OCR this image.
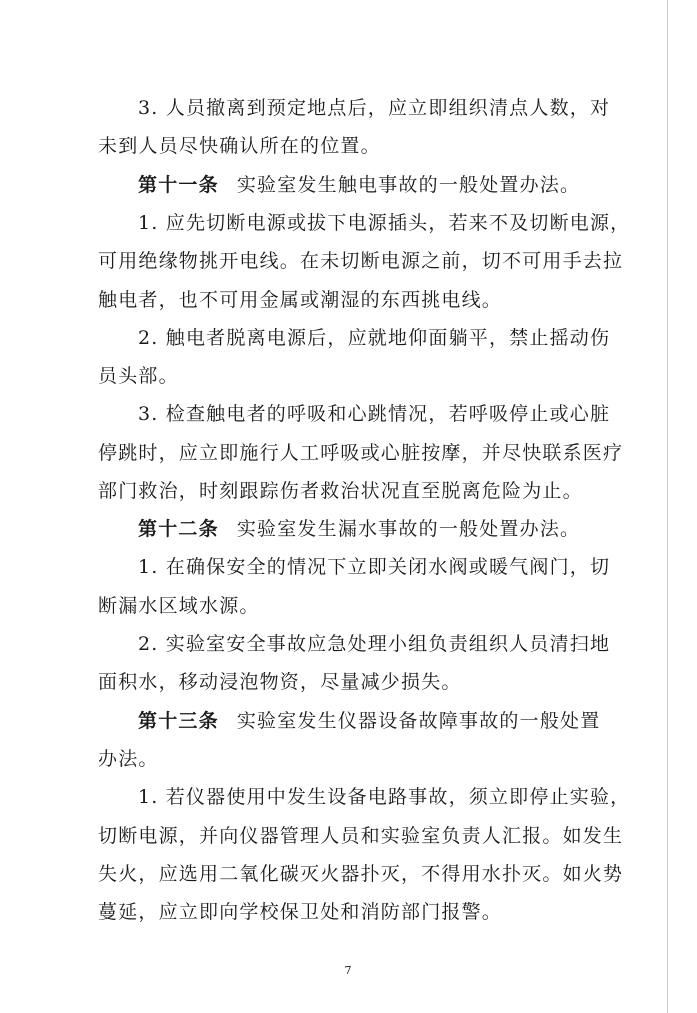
3. 人员撤离到预定地点后，应立即组织清点人数，对
未到人员尽快确认所在的位置。
第十一条 实验室发生触电事故的一般处置办法。
1. 应先切断电源或拔下电源插头，若来不及切断电源，
可用绝缘物挑开电线。在未切断电源之前，切不可用手去拉
触电者，也不可用金属或潮湿的东西挑电线。
2. 触电者脱离电源后，应就地仰面躺平，禁止摇动伤
员头部。
3. 检查触电者的呼吸和心跳情况，若呼吸停止或心脏
停跳时，应立即施行人工呼吸或心脏按摩，并尽快联系医疗
部门救治，时刻跟踪伤者救治状况直至脱离危险为止。
第十二条 实验室发生漏水事故的一般处置办法。
1. 在确保安全的情况下立即关闭水阀或暖气阀门，切
断漏水区域水源。
2. 实验室安全事故应急处理小组负责组织人员清扫地
面积水，移动浸泡物资，尽量减少损失。
第十三条 实验室发生仪器设备故障事故的一般处置
办法。
1. 若仪器使用中发生设备电路事故，须立即停止实验，
切断电源，并向仪器管理人员和实验室负责人汇报。如发生
失火，应选用二氧化碳灭火器扑灭，不得用水扑灭。如火势
蔓延，应立即向学校保卫处和消防部门报警。
7
